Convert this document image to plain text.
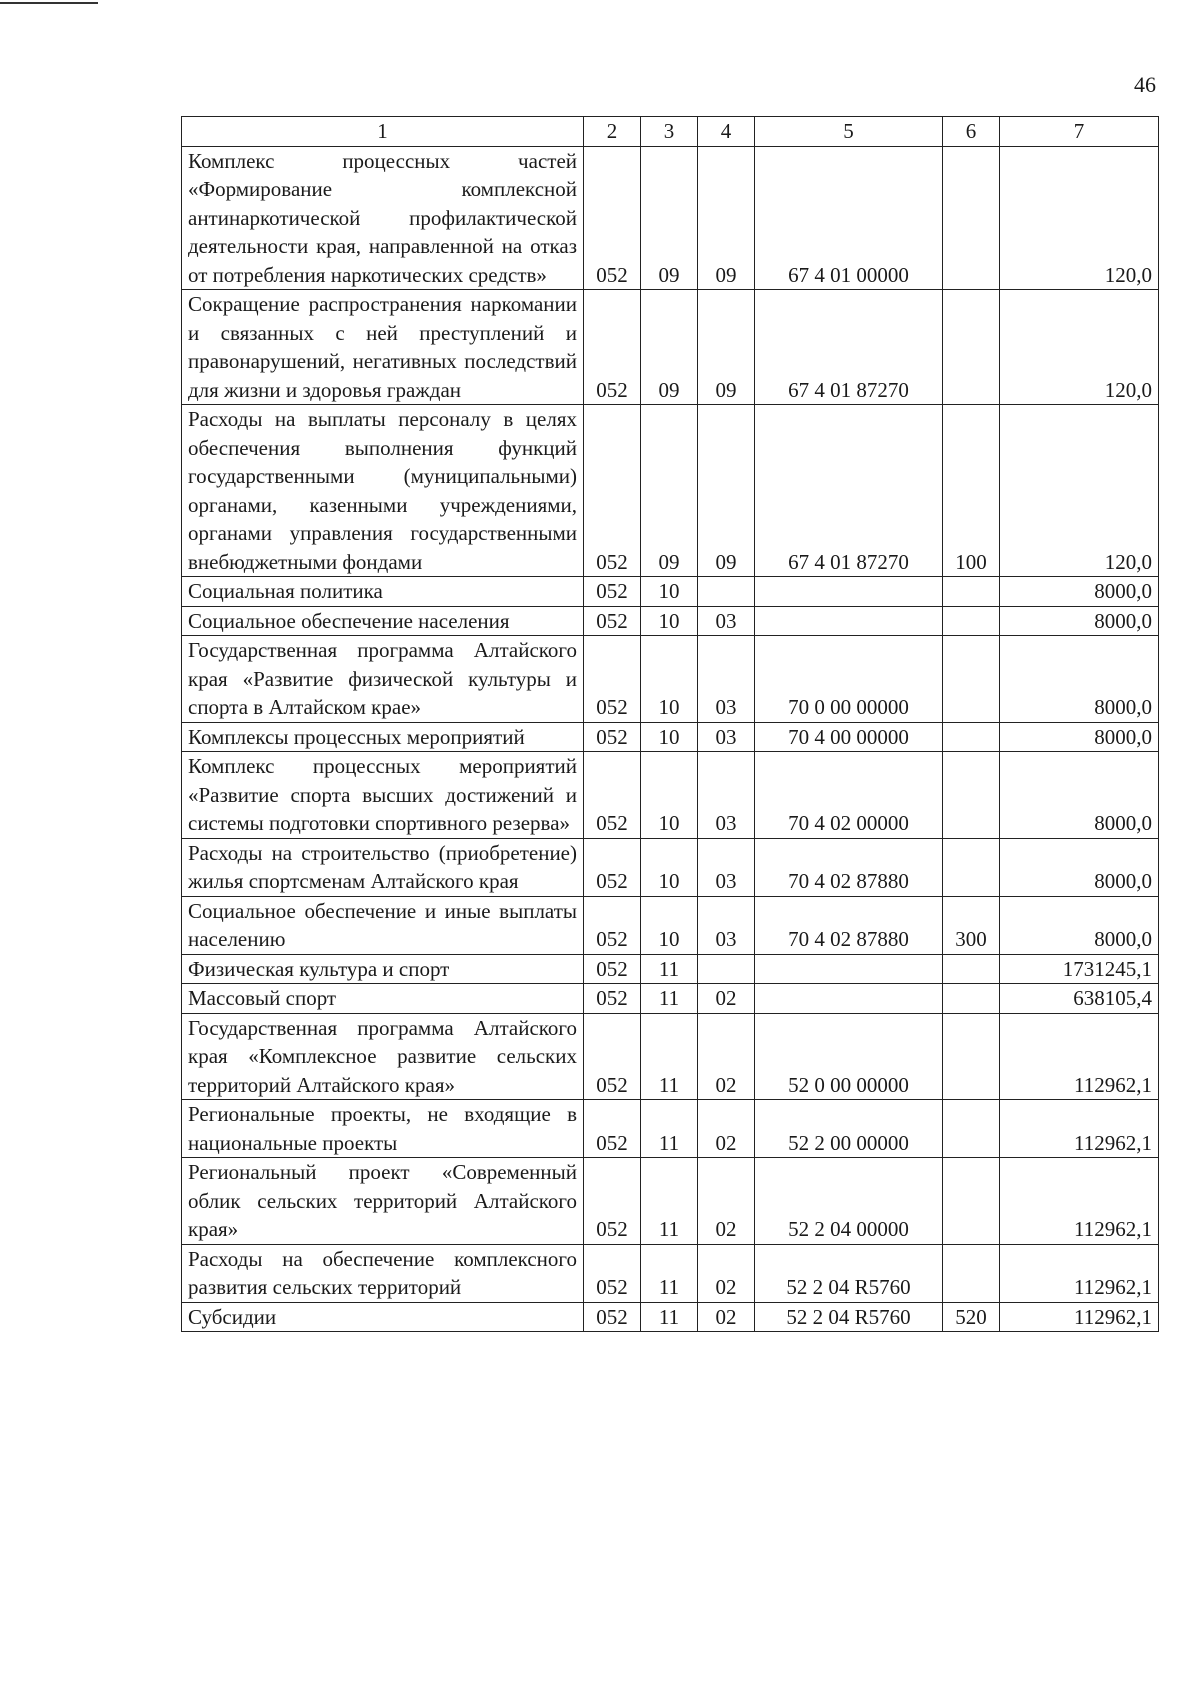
46
1	2	3	4	5	6	7
Комплекс процессных частей «Формирование комплексной антинаркотической профилактической деятельности края, направленной на отказ от потребления наркотических средств»	052	09	09	67 4 01 00000		120,0
Сокращение распространения наркомании и связанных с ней преступлений и правонарушений, негативных последствий для жизни и здоровья граждан	052	09	09	67 4 01 87270		120,0
Расходы на выплаты персоналу в целях обеспечения выполнения функций государственными (муниципальными) органами, казенными учреждениями, органами управления государственными внебюджетными фондами	052	09	09	67 4 01 87270	100	120,0
Социальная политика	052	10				8000,0
Социальное обеспечение населения	052	10	03			8000,0
Государственная программа Алтайского края «Развитие физической культуры и спорта в Алтайском крае»	052	10	03	70 0 00 00000		8000,0
Комплексы процессных мероприятий	052	10	03	70 4 00 00000		8000,0
Комплекс процессных мероприятий «Развитие спорта высших достижений и системы подготовки спортивного резерва»	052	10	03	70 4 02 00000		8000,0
Расходы на строительство (приобретение) жилья спортсменам Алтайского края	052	10	03	70 4 02 87880		8000,0
Социальное обеспечение и иные выплаты населению	052	10	03	70 4 02 87880	300	8000,0
Физическая культура и спорт	052	11				1731245,1
Массовый спорт	052	11	02			638105,4
Государственная программа Алтайского края «Комплексное развитие сельских территорий Алтайского края»	052	11	02	52 0 00 00000		112962,1
Региональные проекты, не входящие в национальные проекты	052	11	02	52 2 00 00000		112962,1
Региональный проект «Современный облик сельских территорий Алтайского края»	052	11	02	52 2 04 00000		112962,1
Расходы на обеспечение комплексного развития сельских территорий	052	11	02	52 2 04 R5760		112962,1
Субсидии	052	11	02	52 2 04 R5760	520	112962,1
